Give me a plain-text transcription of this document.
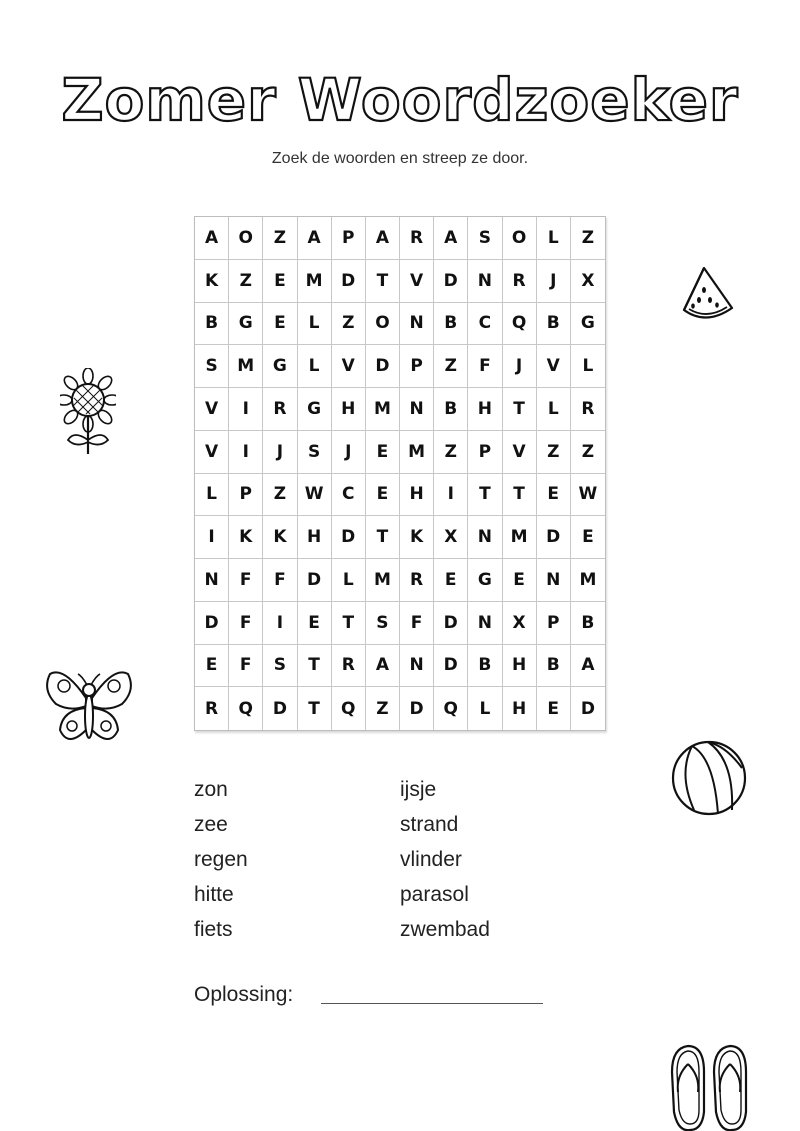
Zomer Woordzoeker
Zoek de woorden en streep ze door.
A	O	Z	A	P	A	R	A	S	O	L	Z
K	Z	E	M	D	T	V	D	N	R	J	X
B	G	E	L	Z	O	N	B	C	Q	B	G
S	M	G	L	V	D	P	Z	F	J	V	L
V	I	R	G	H	M	N	B	H	T	L	R
V	I	J	S	J	E	M	Z	P	V	Z	Z
L	P	Z	W	C	E	H	I	T	T	E	W
I	K	K	H	D	T	K	X	N	M	D	E
N	F	F	D	L	M	R	E	G	E	N	M
D	F	I	E	T	S	F	D	N	X	P	B
E	F	S	T	R	A	N	D	B	H	B	A
R	Q	D	T	Q	Z	D	Q	L	H	E	D
zon
zee
regen
hitte
fiets
ijsje
strand
vlinder
parasol
zwembad
Oplossing:
